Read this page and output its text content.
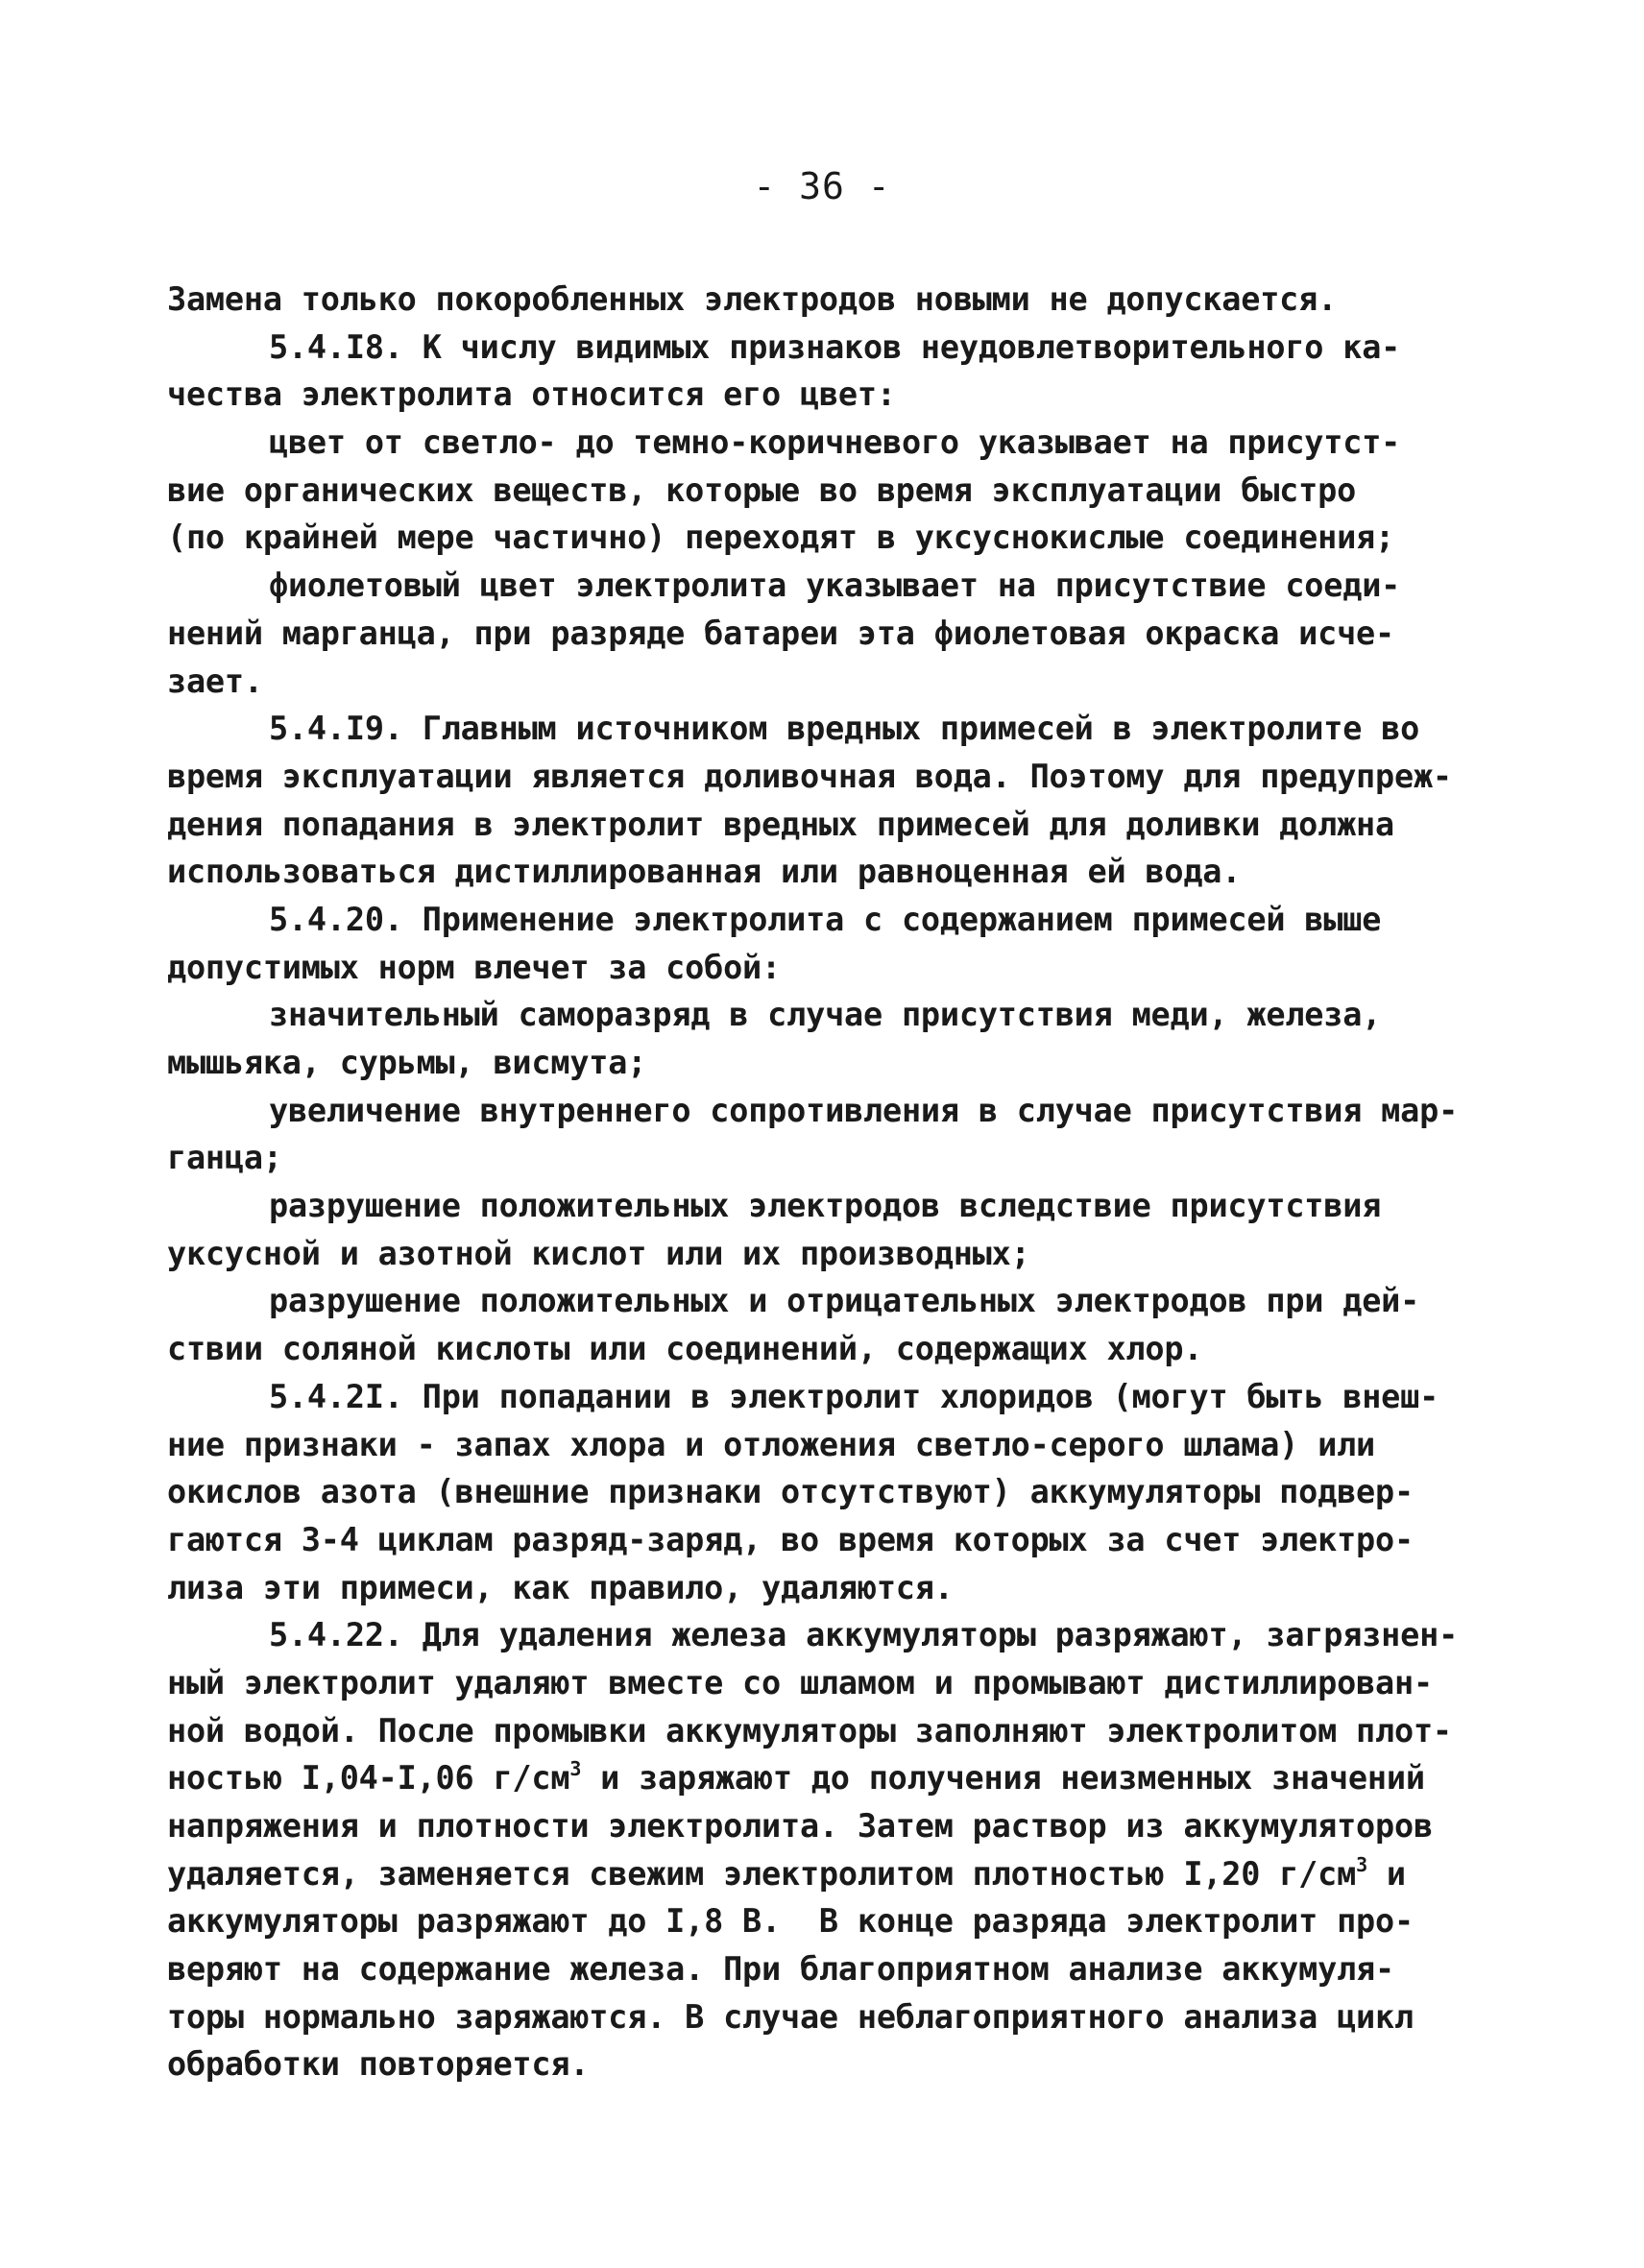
- 36 -
Замена только покоробленных электродов новыми не допускается.
5.4.I8. К числу видимых признаков неудовлетворительного ка-
чества электролита относится его цвет:
цвет от светло- до темно-коричневого указывает на присутст-
вие органических веществ, которые во время эксплуатации быстро
(по крайней мере частично) переходят в уксуснокислые соединения;
фиолетовый цвет электролита указывает на присутствие соеди-
нений марганца, при разряде батареи эта фиолетовая окраска исче-
зает.
5.4.I9. Главным источником вредных примесей в электролите во
время эксплуатации является доливочная вода. Поэтому для предупреж-
дения попадания в электролит вредных примесей для доливки должна
использоваться дистиллированная или равноценная ей вода.
5.4.20. Применение электролита с содержанием примесей выше
допустимых норм влечет за собой:
значительный саморазряд в случае присутствия меди, железа,
мышьяка, сурьмы, висмута;
увеличение внутреннего сопротивления в случае присутствия мар-
ганца;
разрушение положительных электродов вследствие присутствия
уксусной и азотной кислот или их производных;
разрушение положительных и отрицательных электродов при дей-
ствии соляной кислоты или соединений, содержащих хлор.
5.4.2I. При попадании в электролит хлоридов (могут быть внеш-
ние признаки - запах хлора и отложения светло-серого шлама) или
окислов азота (внешние признаки отсутствуют) аккумуляторы подвер-
гаются 3-4 циклам разряд-заряд, во время которых за счет электро-
лиза эти примеси, как правило, удаляются.
5.4.22. Для удаления железа аккумуляторы разряжают, загрязнен-
ный электролит удаляют вместе со шламом и промывают дистиллирован-
ной водой. После промывки аккумуляторы заполняют электролитом плот-
ностью I,04-I,06 $г/см^3$ и заряжают до получения неизменных значений
напряжения и плотности электролита. Затем раствор из аккумуляторов
удаляется, заменяется свежим электролитом плотностью I,20 $г/см^3$ и
аккумуляторы разряжают до I,8 В.  В конце разряда электролит про-
веряют на содержание железа. При благоприятном анализе аккумуля-
торы нормально заряжаются. В случае неблагоприятного анализа цикл
обработки повторяется.
